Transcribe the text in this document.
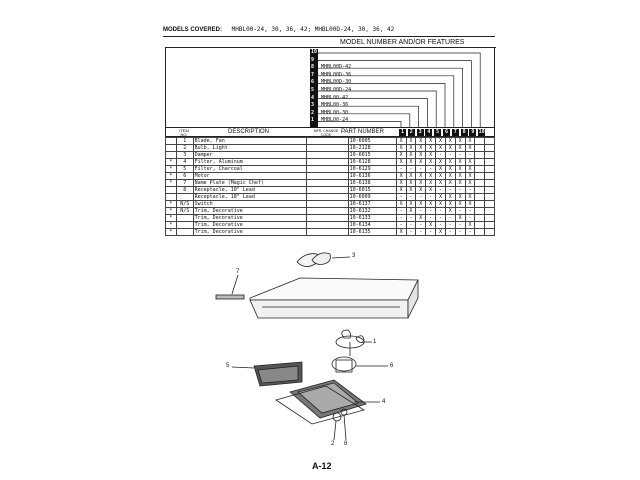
MODELS COVERED: MHBL00-24, 30, 36, 42; MHBL00D-24, 30, 36, 42
MODEL NUMBER AND/OR FEATURES
10
9
8 MHBL00D-42
7 MHBL00D-36
6 MHBL00D-30
5 MHBL00D-24
4 MHBL00-42
3 MHBL00-36
2 MHBL00-30
1 MHBL00-24
ITEM NO.	DESCRIPTION	MFR. CHANGE CODE	PART NUMBER	1	2	3	4	5	6	7	8	9 10
	1	Blade, Fan		10-6005	X	X	X	X	X	X	X	X		
	2	Bulb, Light		10-2128	X	X	X	X	X	X	X	X		
	3	Damper		10-6015	X	X	X	X	-	-	-	-		
*	4	Filter, Aluminum		10-6128	X	X	X	X	X	X	X	X		
*	5	Filter, Charcoal		10-6129	-	-	-	-	X	X	X	X		
*	6	Motor		10-6136	X	X	X	X	X	X	X	X		
*	7	Name Plate (Magic Chef)		10-6138	X	X	X	X	X	X	X	X		
	8	Receptacle, 10" Lead		10-6015	X	X	X	X	-	-	-	-		
		Receptacle, 18" Lead		10-6009	-	-	-	-	X	X	X	X		
*	N/S	Switch		10-6137	X	X	X	X	X	X	X	X		
*	N/S	Trim, Decorative		10-6132	-	X	-	-	-	X	-	-		
*		Trim, Decorative		10-6133	-	-	X	-	-	-	X	-		
*		Trim, Decorative		10-6134	-	-	-	X	-	-	-	X		
*		Trim, Decorative		10-6135	X	-	-	-	X	-	-	-		
3
7
1
6
5
4
2 8
A-12
